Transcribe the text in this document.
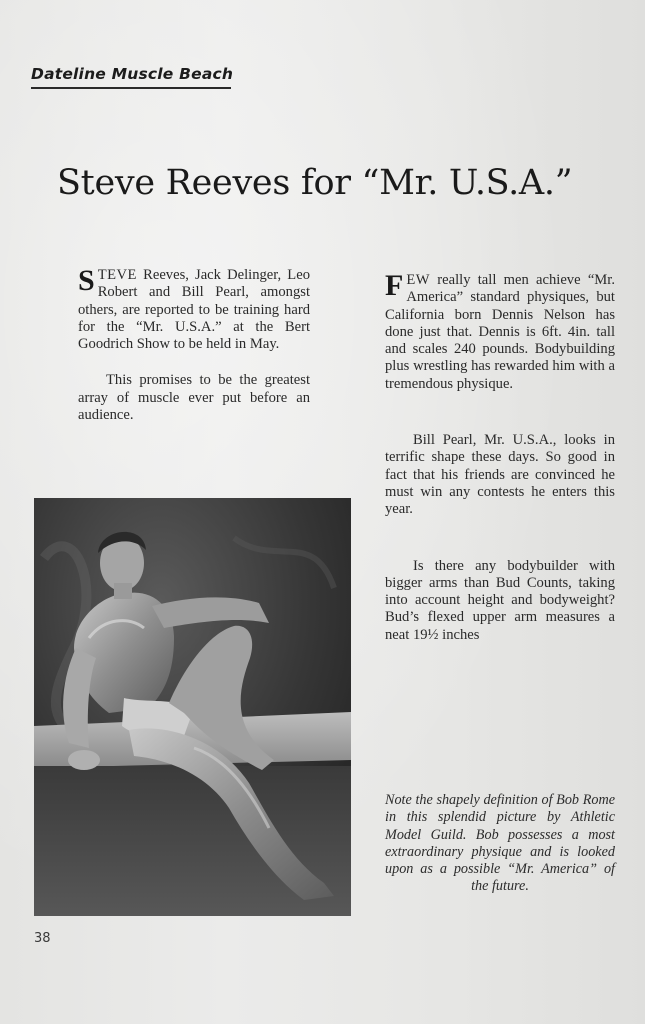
Dateline Muscle Beach
Steve Reeves for “Mr. U.S.A.”

STEVE Reeves, Jack Delinger, Leo Robert and Bill Pearl, amongst others, are reported to be training hard for the “Mr. U.S.A.” at the Bert Goodrich Show to be held in May.

This promises to be the greatest array of muscle ever put before an audience.

FEW really tall men achieve “Mr. America” standard physiques, but California born Dennis Nelson has done just that. Dennis is 6ft. 4in. tall and scales 240 pounds. Bodybuilding plus wrestling has rewarded him with a tremendous physique.

Bill Pearl, Mr. U.S.A., looks in terrific shape these days. So good in fact that his friends are convinced he must win any contests he enters this year.

Is there any bodybuilder with bigger arms than Bud Counts, taking into account height and bodyweight? Bud’s flexed upper arm measures a neat 19½ inches

Note the shapely definition of Bob Rome in this splendid picture by Athletic Model Guild. Bob possesses a most extraordinary physique and is looked upon as a possible “Mr. America” of the future.

38
